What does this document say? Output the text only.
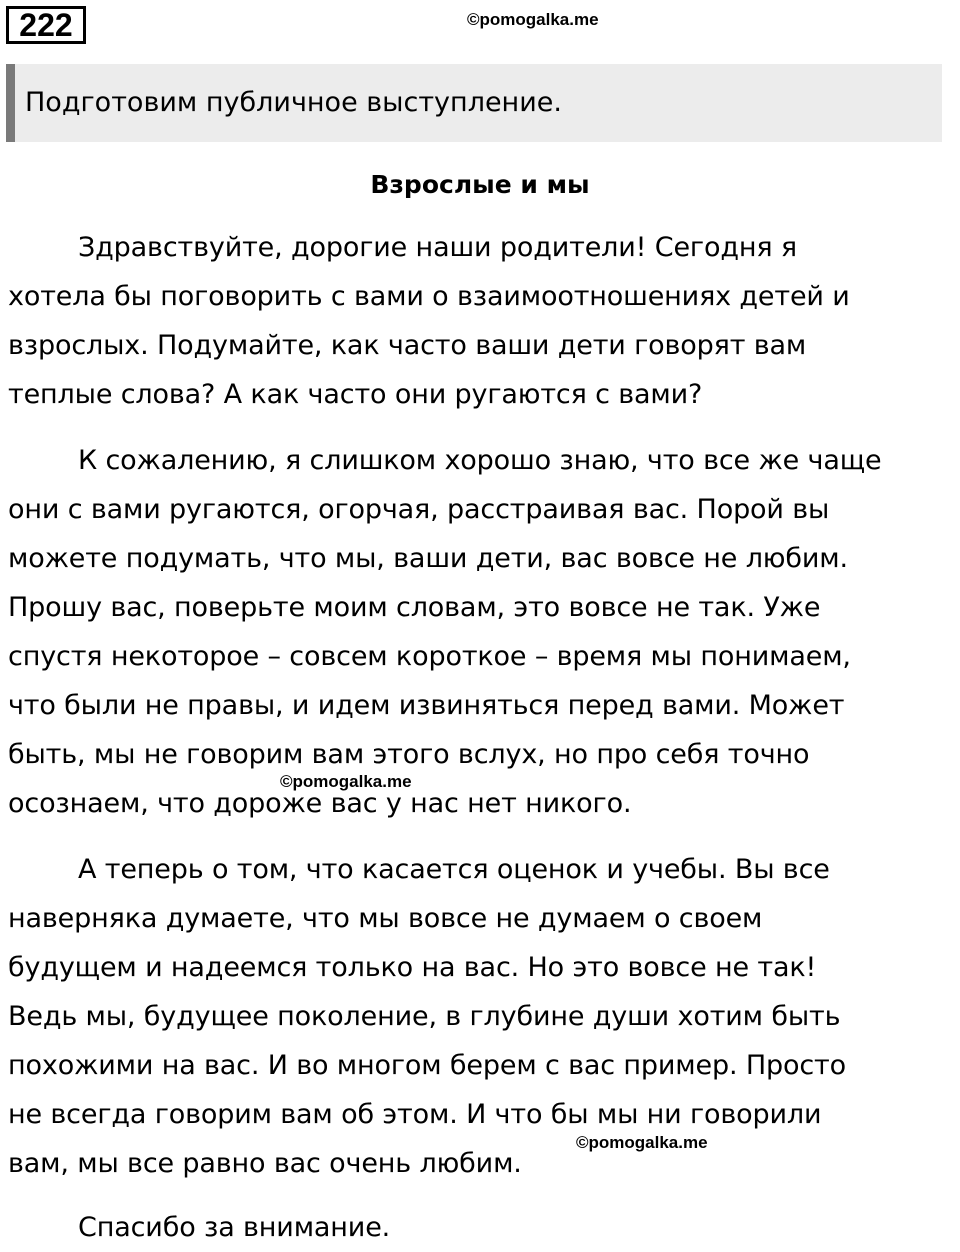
222	©pomogalka.me
Подготовим публичное выступление.
Взрослые и мы
Здравствуйте, дорогие наши родители! Сегодня я
хотела бы поговорить с вами о взаимоотношениях детей и
взрослых. Подумайте, как часто ваши дети говорят вам
теплые слова? А как часто они ругаются с вами?
К сожалению, я слишком хорошо знаю, что все же чаще
они с вами ругаются, огорчая, расстраивая вас. Порой вы
можете подумать, что мы, ваши дети, вас вовсе не любим.
Прошу вас, поверьте моим словам, это вовсе не так. Уже
спустя некоторое – совсем короткое – время мы понимаем,
что были не правы, и идем извиняться перед вами. Может
быть, мы не говорим вам этого вслух, но про себя точно
осознаем, что дороже вас у нас нет никого.
©pomogalka.me
А теперь о том, что касается оценок и учебы. Вы все
наверняка думаете, что мы вовсе не думаем о своем
будущем и надеемся только на вас. Но это вовсе не так!
Ведь мы, будущее поколение, в глубине души хотим быть
похожими на вас. И во многом берем с вас пример. Просто
не всегда говорим вам об этом. И что бы мы ни говорили
вам, мы все равно вас очень любим.
©pomogalka.me
Спасибо за внимание.
